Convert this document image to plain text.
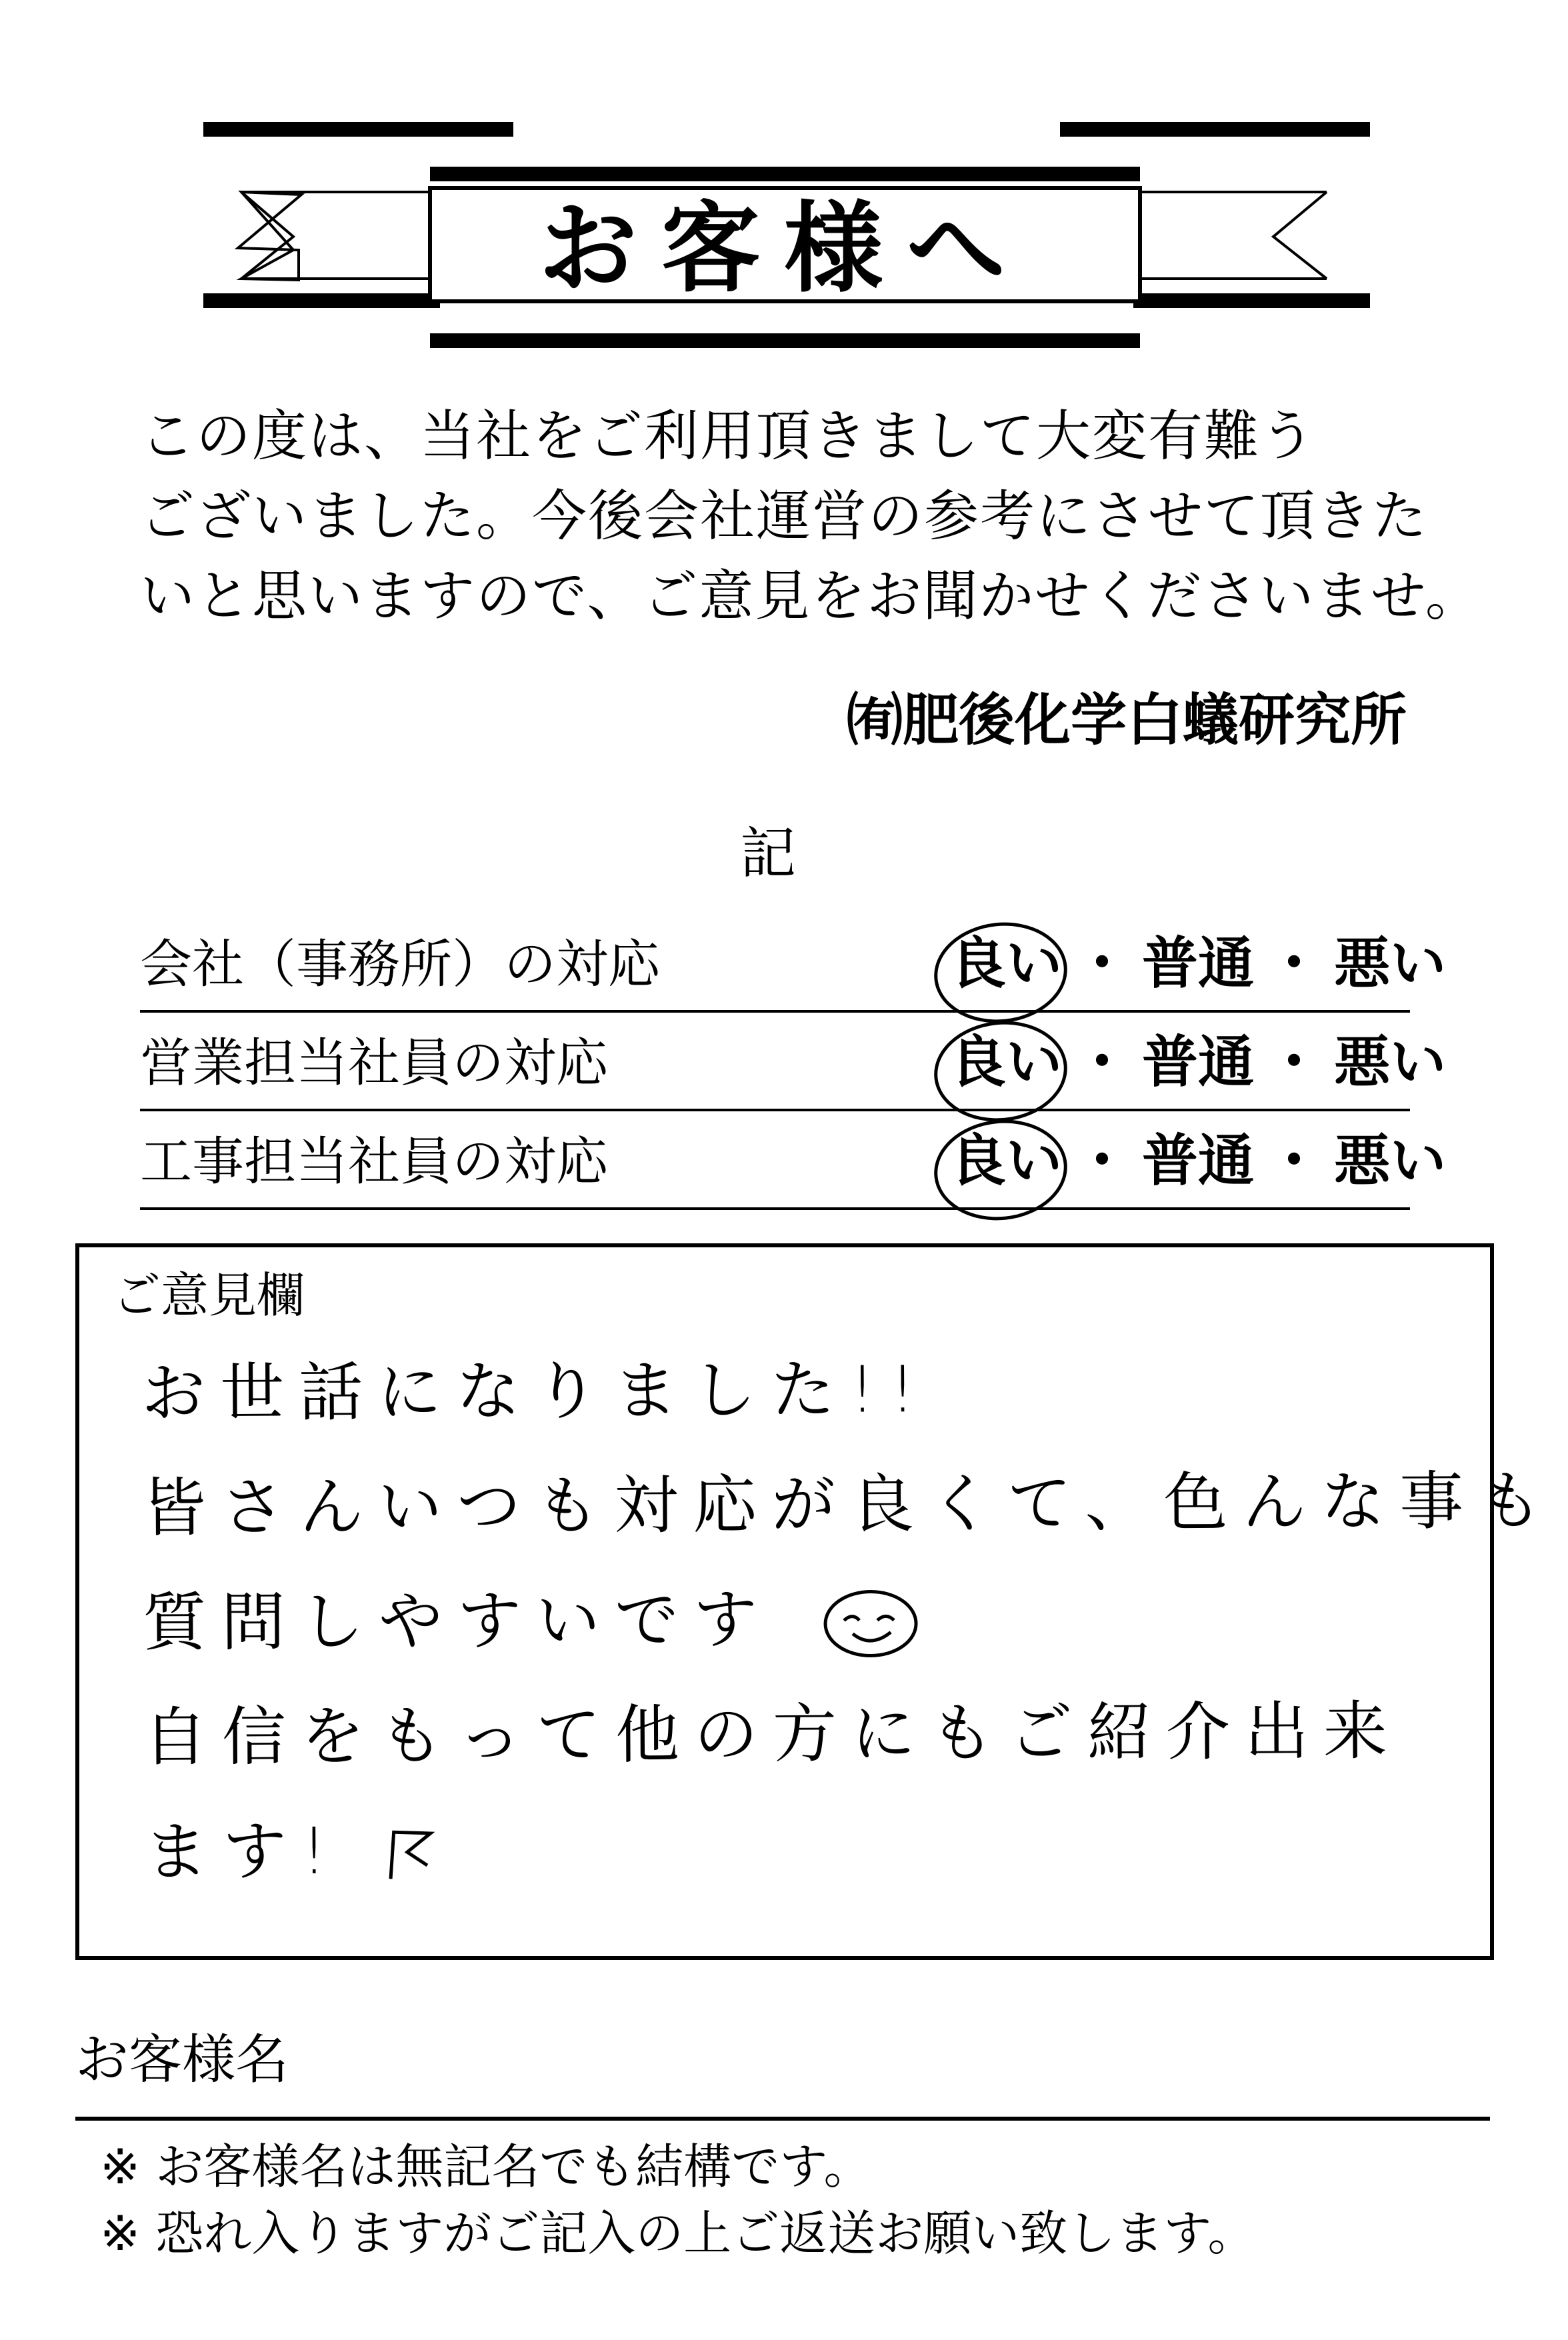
お客様へ
この度は、当社をご利用頂きまして大変有難う
ございました。今後会社運営の参考にさせて頂きた
いと思いますので、ご意見をお聞かせくださいませ。
㈲肥後化学白蟻研究所
記
会社（事務所）の対応	良い ・ 普通 ・ 悪い
営業担当社員の対応	良い ・ 普通 ・ 悪い
工事担当社員の対応	良い ・ 普通 ・ 悪い
ご意見欄
お世話になりました!!
皆さんいつも対応が良くて、色んな事も
質問しやすいです
自信をもって他の方にもご紹介出来
ます!
お客様名
※ お客様名は無記名でも結構です。
※ 恐れ入りますがご記入の上ご返送お願い致します。
